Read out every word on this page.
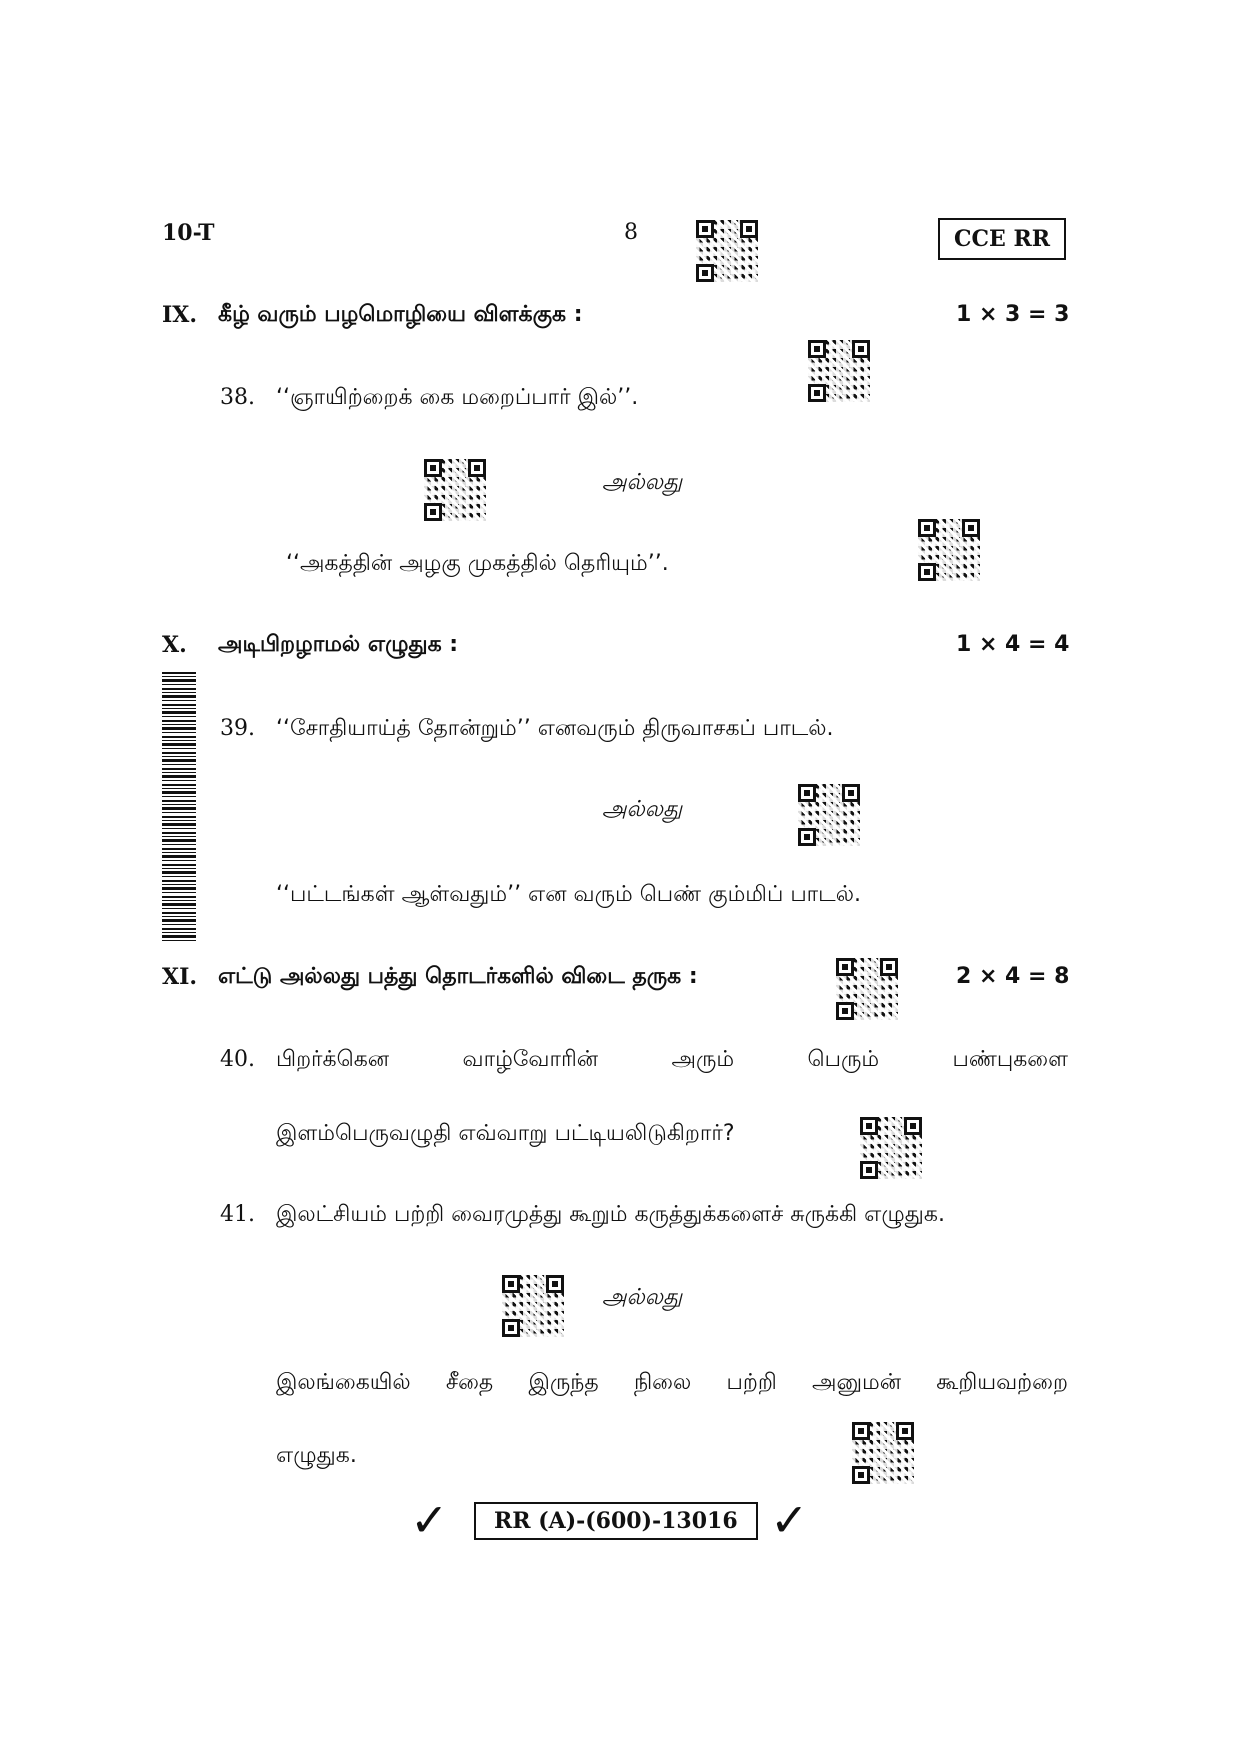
10-T	8	CCE RR
IX. கீழ் வரும் பழமொழியை விளக்குக :	1 × 3 = 3
38. ‘‘ஞாயிற்றைக் கை மறைப்பார் இல்’’.
அல்லது
‘‘அகத்தின் அழகு முகத்தில் தெரியும்’’.
X. அடிபிறழாமல் எழுதுக :	1 × 4 = 4
39. ‘‘சோதியாய்த் தோன்றும்’’ எனவரும் திருவாசகப் பாடல்.
அல்லது
‘‘பட்டங்கள் ஆள்வதும்’’ என வரும் பெண் கும்மிப் பாடல்.
XI. எட்டு அல்லது பத்து தொடர்களில் விடை தருக :	2 × 4 = 8
40. பிறர்க்கென	வாழ்வோரின்	அரும்	பெரும்	பண்புகளை
இளம்பெருவழுதி எவ்வாறு பட்டியலிடுகிறார்?
41. இலட்சியம் பற்றி வைரமுத்து கூறும் கருத்துக்களைச் சுருக்கி எழுதுக.
அல்லது
இலங்கையில் சீதை இருந்த நிலை பற்றி அனுமன் கூறியவற்றை
எழுதுக.
✓	RR (A)-(600)-13016 ✓
